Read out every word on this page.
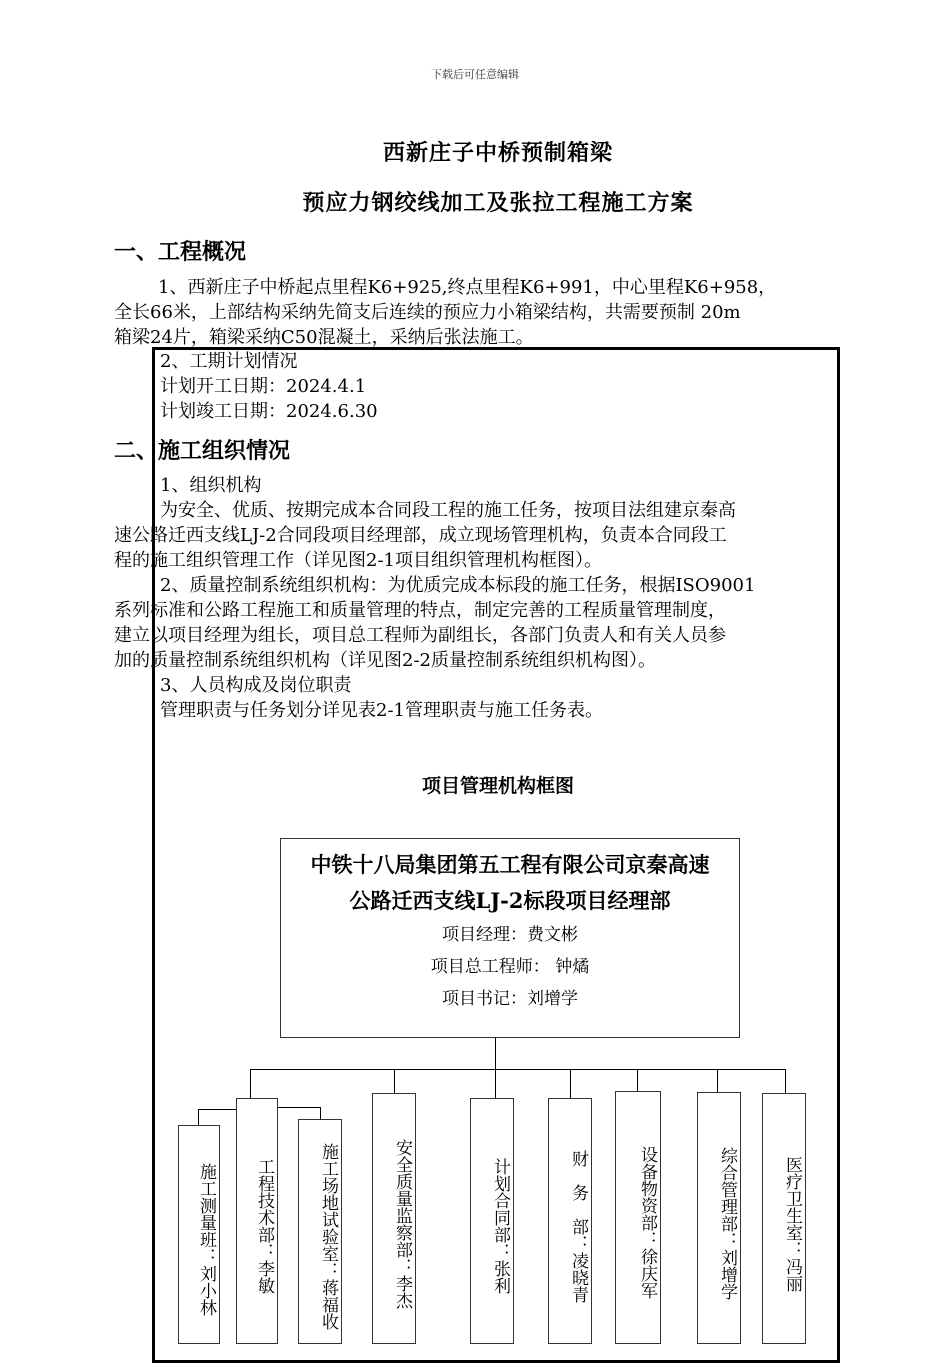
下载后可任意编辑
西新庄子中桥预制箱梁
预应力钢绞线加工及张拉工程施工方案
一、工程概况
1、西新庄子中桥起点里程K6+925,终点里程K6+991，中心里程K6+958，
全长66米，上部结构采纳先简支后连续的预应力小箱梁结构，共需要预制 20m
箱梁24片，箱梁采纳C50混凝土，采纳后张法施工。
2、工期计划情况
计划开工日期：2024.4.1
计划竣工日期：2024.6.30
二、施工组织情况
1、组织机构
为安全、优质、按期完成本合同段工程的施工任务，按项目法组建京秦高
速公路迁西支线LJ-2合同段项目经理部，成立现场管理机构，负责本合同段工
程的施工组织管理工作（详见图2-1项目组织管理机构框图）。
2、质量控制系统组织机构：为优质完成本标段的施工任务，根据ISO9001
系列标准和公路工程施工和质量管理的特点，制定完善的工程质量管理制度，
建立以项目经理为组长，项目总工程师为副组长，各部门负责人和有关人员参
加的质量控制系统组织机构（详见图2-2质量控制系统组织机构图）。
3、人员构成及岗位职责
管理职责与任务划分详见表2-1管理职责与施工任务表。
项目管理机构框图
中铁十八局集团第五工程有限公司京秦高速
公路迁西支线LJ-2标段项目经理部
项目经理：费文彬
项目总工程师： 钟燏
项目书记：刘增学
施工测量班：刘小林	工程技术部：李敏	施工场地试验室：蒋福收	安全质量监察部：李杰	计划合同部：张利	财　务　部：凌晓青	设备物资部：徐庆军	综合管理部：刘增学	医疗卫生室：冯丽
